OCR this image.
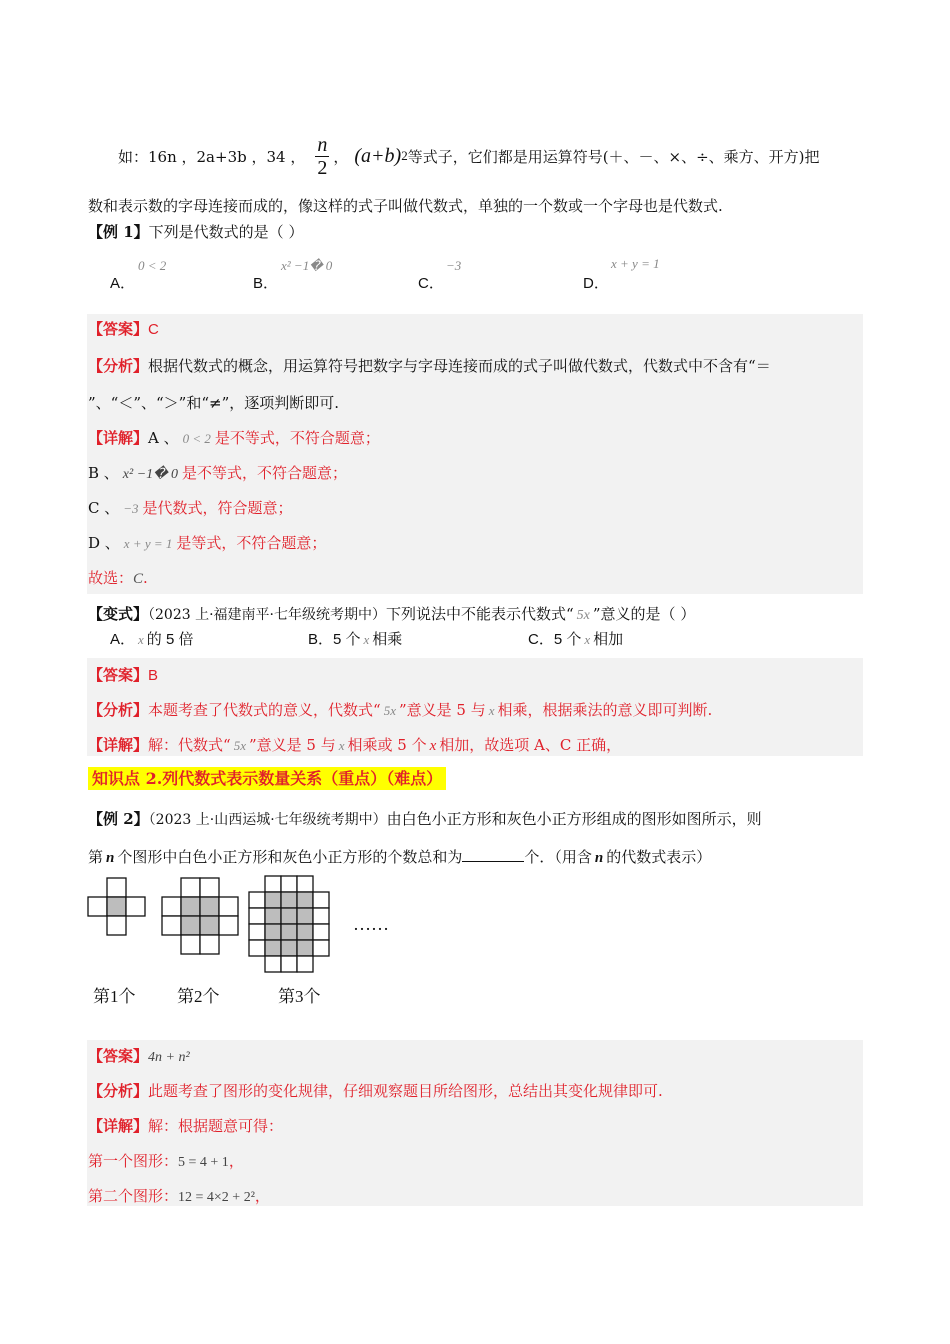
如：16n ，2a+3b ，34 ， $\frac{n}{2}$ ， (a+b) 2 等式子，它们都是用运算符号(＋、－、×、÷、乘方、开方)把
数和表示数的字母连接而成的，像这样的式子叫做代数式，单独的一个数或一个字母也是代数式.
【例 1】下列是代数式的是（ ）
A．
0 < 2
B．
x² −1� 0
C．
−3
D．
x + y = 1
【答案】C
【分析】根据代数式的概念，用运算符号把数字与字母连接而成的式子叫做代数式，代数式中不含有“＝
”、“＜”、“＞”和“≠”，逐项判断即可.
【详解】A 、 0 < 2 是不等式，不符合题意；
B 、 x² −1� 0 是不等式，不符合题意；
C 、 −3 是代数式，符合题意；
D 、 x + y = 1 是等式，不符合题意；
故选：C.
【变式】（2023 上·福建南平·七年级统考期中）下列说法中不能表示代数式“ 5x ”意义的是（ ）
A． x 的 5 倍	B．5 个 x 相乘	C．5 个 x 相加
【答案】B
【分析】本题考查了代数式的意义，代数式“ 5x ”意义是 5 与 x 相乘，根据乘法的意义即可判断.
【详解】解：代数式“ 5x ”意义是 5 与 x 相乘或 5 个 x 相加，故选项 A、C 正确，
知识点 2.列代数式表示数量关系（重点）（难点）
【例 2】（2023 上·山西运城·七年级统考期中）由白色小正方形和灰色小正方形组成的图形如图所示，则
第 n 个图形中白色小正方形和灰色小正方形的个数总和为	个．（用含 n 的代数式表示）
……
第1个 第2个	第3个
【答案】4n + n²
【分析】此题考查了图形的变化规律，仔细观察题目所给图形，总结出其变化规律即可.
【详解】解：根据题意可得：
第一个图形：5 = 4 + 1，
第二个图形：12 = 4×2 + 2²，
